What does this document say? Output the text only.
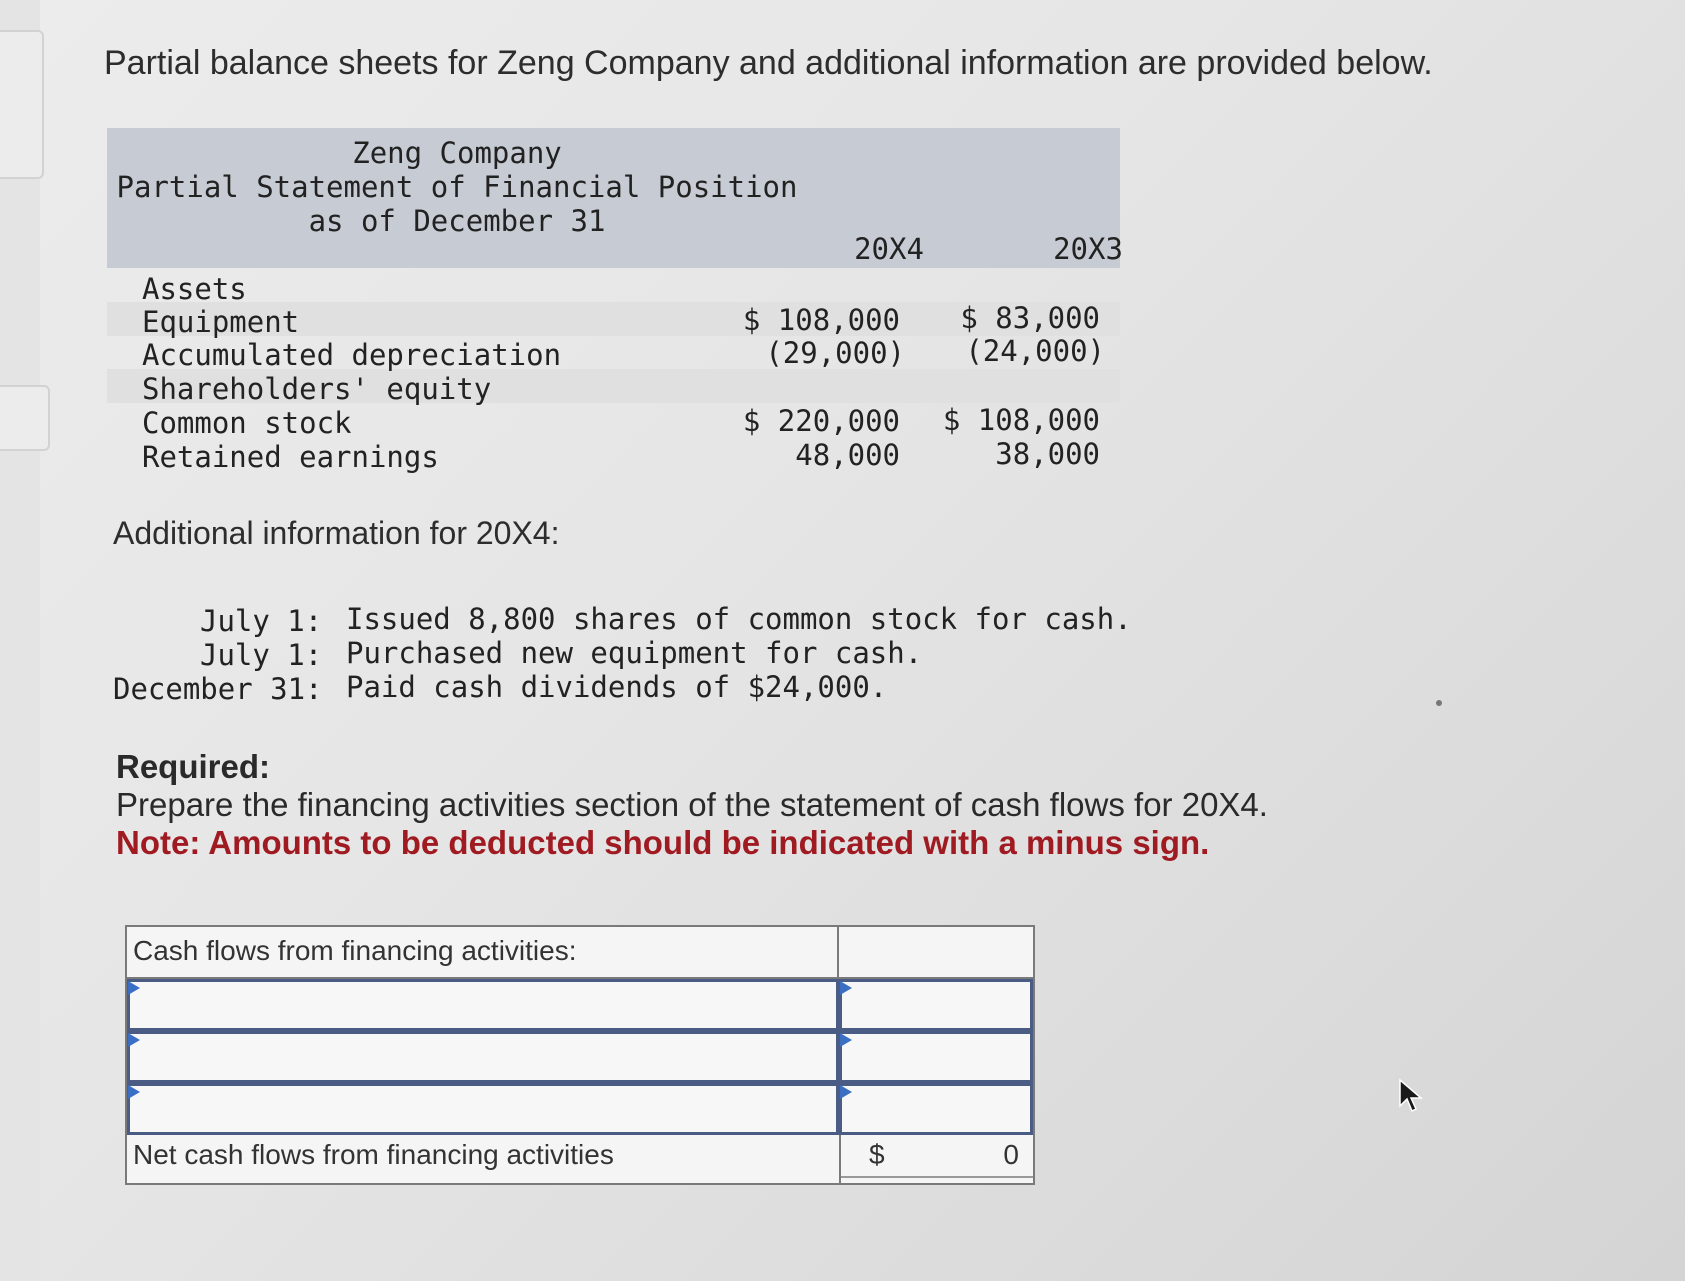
Partial balance sheets for Zeng Company and additional information are provided below.
Zeng Company
Partial Statement of Financial Position
as of December 31
20X4	20X3
Assets
Equipment	$ 108,000	$ 83,000
Accumulated depreciation	(29,000)	(24,000)
Shareholders' equity
Common stock	$ 220,000	$ 108,000
Retained earnings	48,000	38,000
Additional information for 20X4:
July 1: Issued 8,800 shares of common stock for cash.
July 1: Purchased new equipment for cash.
December 31: Paid cash dividends of $24,000.
Required:
Prepare the financing activities section of the statement of cash flows for 20X4.
Note: Amounts to be deducted should be indicated with a minus sign.
Cash flows from financing activities:
Net cash flows from financing activities	$	0
